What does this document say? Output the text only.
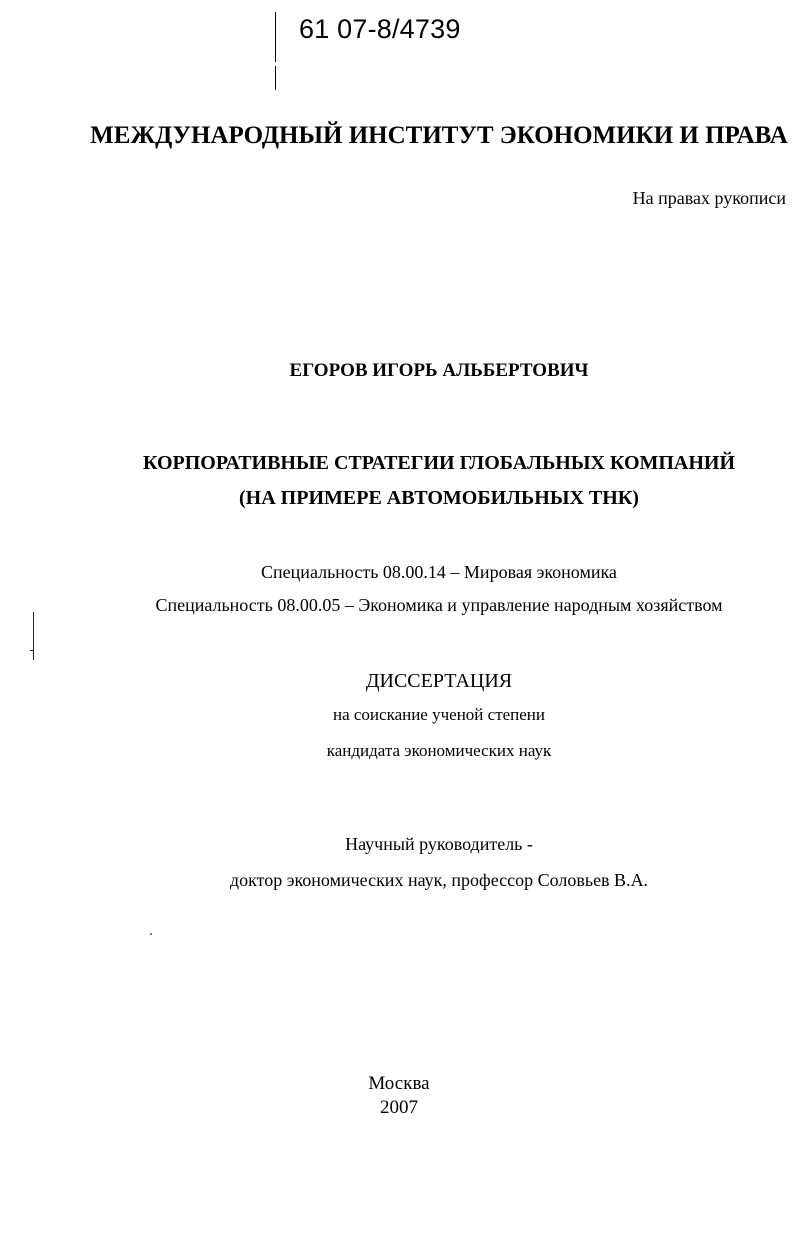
61 07-8/4739
МЕЖДУНАРОДНЫЙ ИНСТИТУТ ЭКОНОМИКИ И ПРАВА
На правах рукописи
ЕГОРОВ ИГОРЬ АЛЬБЕРТОВИЧ
КОРПОРАТИВНЫЕ СТРАТЕГИИ ГЛОБАЛЬНЫХ КОМПАНИЙ
(НА ПРИМЕРЕ АВТОМОБИЛЬНЫХ ТНК)
Специальность 08.00.14 – Мировая экономика
Специальность 08.00.05 – Экономика и управление народным хозяйством
ДИССЕРТАЦИЯ
на соискание ученой степени
кандидата экономических наук
Научный руководитель -
доктор экономических наук, профессор Соловьев В.А.
Москва
2007
